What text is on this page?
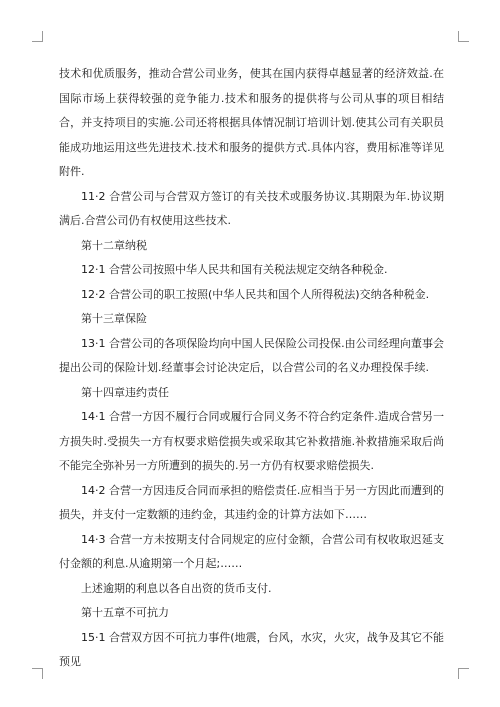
技术和优质服务，推动合营公司业务，使其在国内获得卓越显著的经济效益.在国际市场上获得较强的竞争能力.技术和服务的提供将与公司从事的项目相结合，并支持项目的实施.公司还将根据具体情况制订培训计划.使其公司有关职员能成功地运用这些先进技术.技术和服务的提供方式.具体内容，费用标准等详见附件.

11·2 合营公司与合营双方签订的有关技术或服务协议.其期限为年.协议期满后.合营公司仍有权使用这些技术.

第十二章纳税

12·1 合营公司按照中华人民共和国有关税法规定交纳各种税金.

12·2 合营公司的职工按照(中华人民共和国个人所得税法)交纳各种税金.

第十三章保险

13·1 合营公司的各项保险均向中国人民保险公司投保.由公司经理向董事会提出公司的保险计划.经董事会讨论决定后，以合营公司的名义办理投保手续.

第十四章违约责任

14·1 合营一方因不履行合同或履行合同义务不符合约定条件.造成合营另一方损失时.受损失一方有权要求赔偿损失或采取其它补救措施.补救措施采取后尚不能完全弥补另一方所遭到的损失的.另一方仍有权要求赔偿损失.

14·2 合营一方因违反合同而承担的赔偿责任.应相当于另一方因此而遭到的损失，并支付一定数额的违约金，其违约金的计算方法如下……

14·3 合营一方未按期支付合同规定的应付金额，合营公司有权收取迟延支付金额的利息.从逾期第一个月起;……

上述逾期的利息以各自出资的货币支付.

第十五章不可抗力

15·1 合营双方因不可抗力事件(地震，台风，水灾，火灾，战争及其它不能预见
